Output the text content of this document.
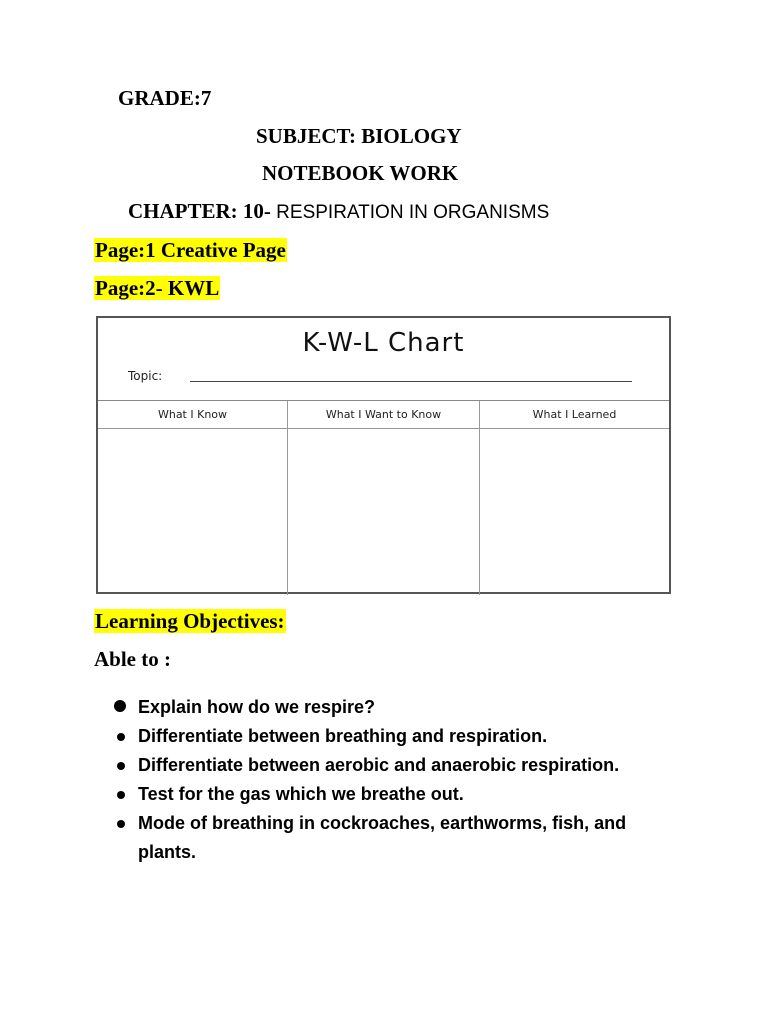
GRADE:7
SUBJECT: BIOLOGY
NOTEBOOK WORK
CHAPTER: 10- RESPIRATION IN ORGANISMS
Page:1 Creative Page
Page:2- KWL
K-W-L Chart
Topic:
What I Know	What I Want to Know	What I Learned
Learning Objectives:
Able to :
Explain how do we respire?
Differentiate between breathing and respiration.
Differentiate between aerobic and anaerobic respiration.
Test for the gas which we breathe out.
Mode of breathing in cockroaches, earthworms, fish, and plants.
